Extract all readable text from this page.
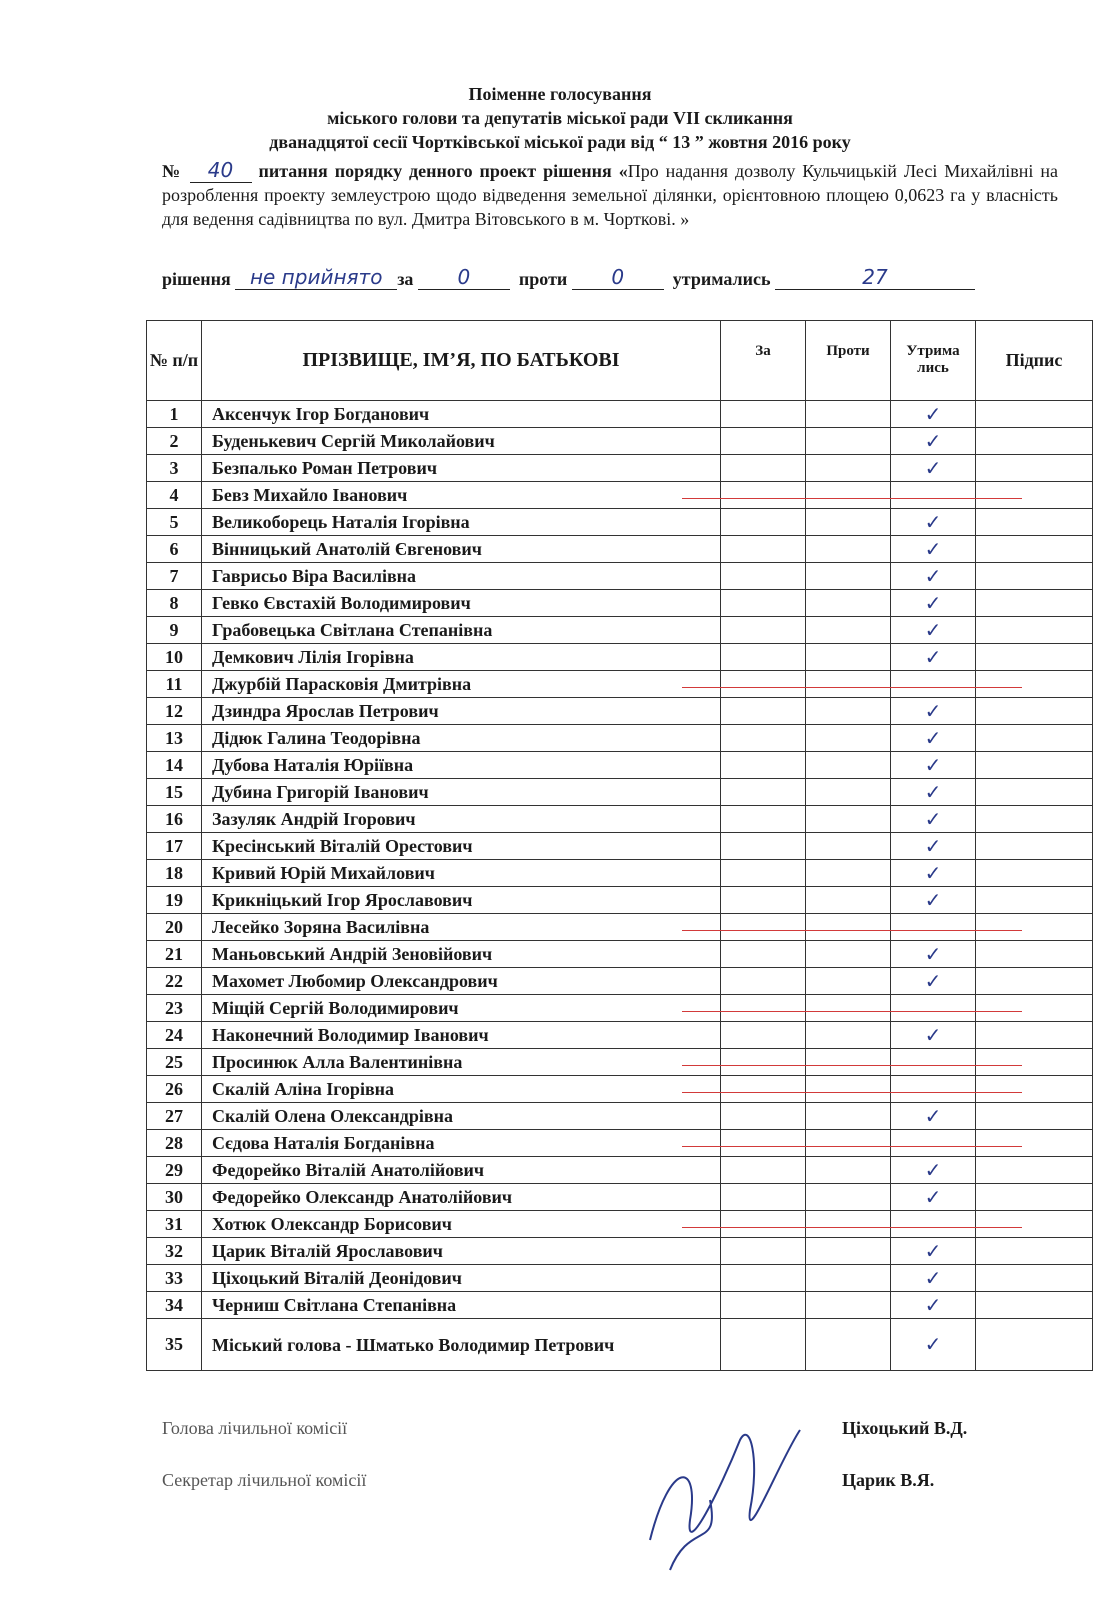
Поіменне голосування
міського голови та депутатів міської ради VII скликання
дванадцятої сесії Чортківської міської ради від “ 13 ” жовтня 2016 року
№ 40 питання порядку денного проект рішення «Про надання дозволу Кульчицькій Лесі Михайлівні на розроблення проекту землеустрою щодо відведення земельної ділянки, орієнтовною площею 0,0623 га у власність для ведення садівництва по вул. Дмитра Вітовського в м. Чорткові. »
рішення не прийнято за 0	проти 0	утримались	27
№ п/п	ПРІЗВИЩЕ, ІМ’Я, ПО БАТЬКОВІ	За	Проти	Утрима лись	Підпис
1	Аксенчук Ігор Богданович			✓	
2	Буденькевич Сергій Миколайович			✓	
3	Безпалько Роман Петрович			✓	
4	Бевз Михайло Іванович				
5	Великоборець Наталія Ігорівна			✓	
6	Вінницький Анатолій Євгенович			✓	
7	Гаврисьо Віра Василівна			✓	
8	Гевко Євстахій Володимирович			✓	
9	Грабовецька Світлана Степанівна			✓	
10	Демкович Лілія Ігорівна			✓	
11	Джурбій Парасковія Дмитрівна				
12	Дзиндра Ярослав Петрович			✓	
13	Дідюк Галина Теодорівна			✓	
14	Дубова Наталія Юріївна			✓	
15	Дубина Григорій Іванович			✓	
16	Зазуляк Андрій Ігорович			✓	
17	Кресінський Віталій Орестович			✓	
18	Кривий Юрій Михайлович			✓	
19	Крикніцький Ігор Ярославович			✓	
20	Лесейко Зоряна Василівна				
21	Маньовський Андрій Зеновійович			✓	
22	Махомет Любомир Олександрович			✓	
23	Міщій Сергій Володимирович				
24	Наконечний Володимир Іванович			✓	
25	Просинюк Алла Валентинівна				
26	Скалій Аліна Ігорівна				
27	Скалій Олена Олександрівна			✓	
28	Сєдова Наталія Богданівна				
29	Федорейко Віталій Анатолійович			✓	
30	Федорейко Олександр Анатолійович			✓	
31	Хотюк Олександр Борисович				
32	Царик Віталій Ярославович			✓	
33	Ціхоцький Віталій Деонідович			✓	
34	Черниш Світлана Степанівна			✓	
35	Міський голова - Шматько Володимир Петрович			✓	
Голова лічильної комісії	Ціхоцький В.Д.
Секретар лічильної комісії	Царик В.Я.
